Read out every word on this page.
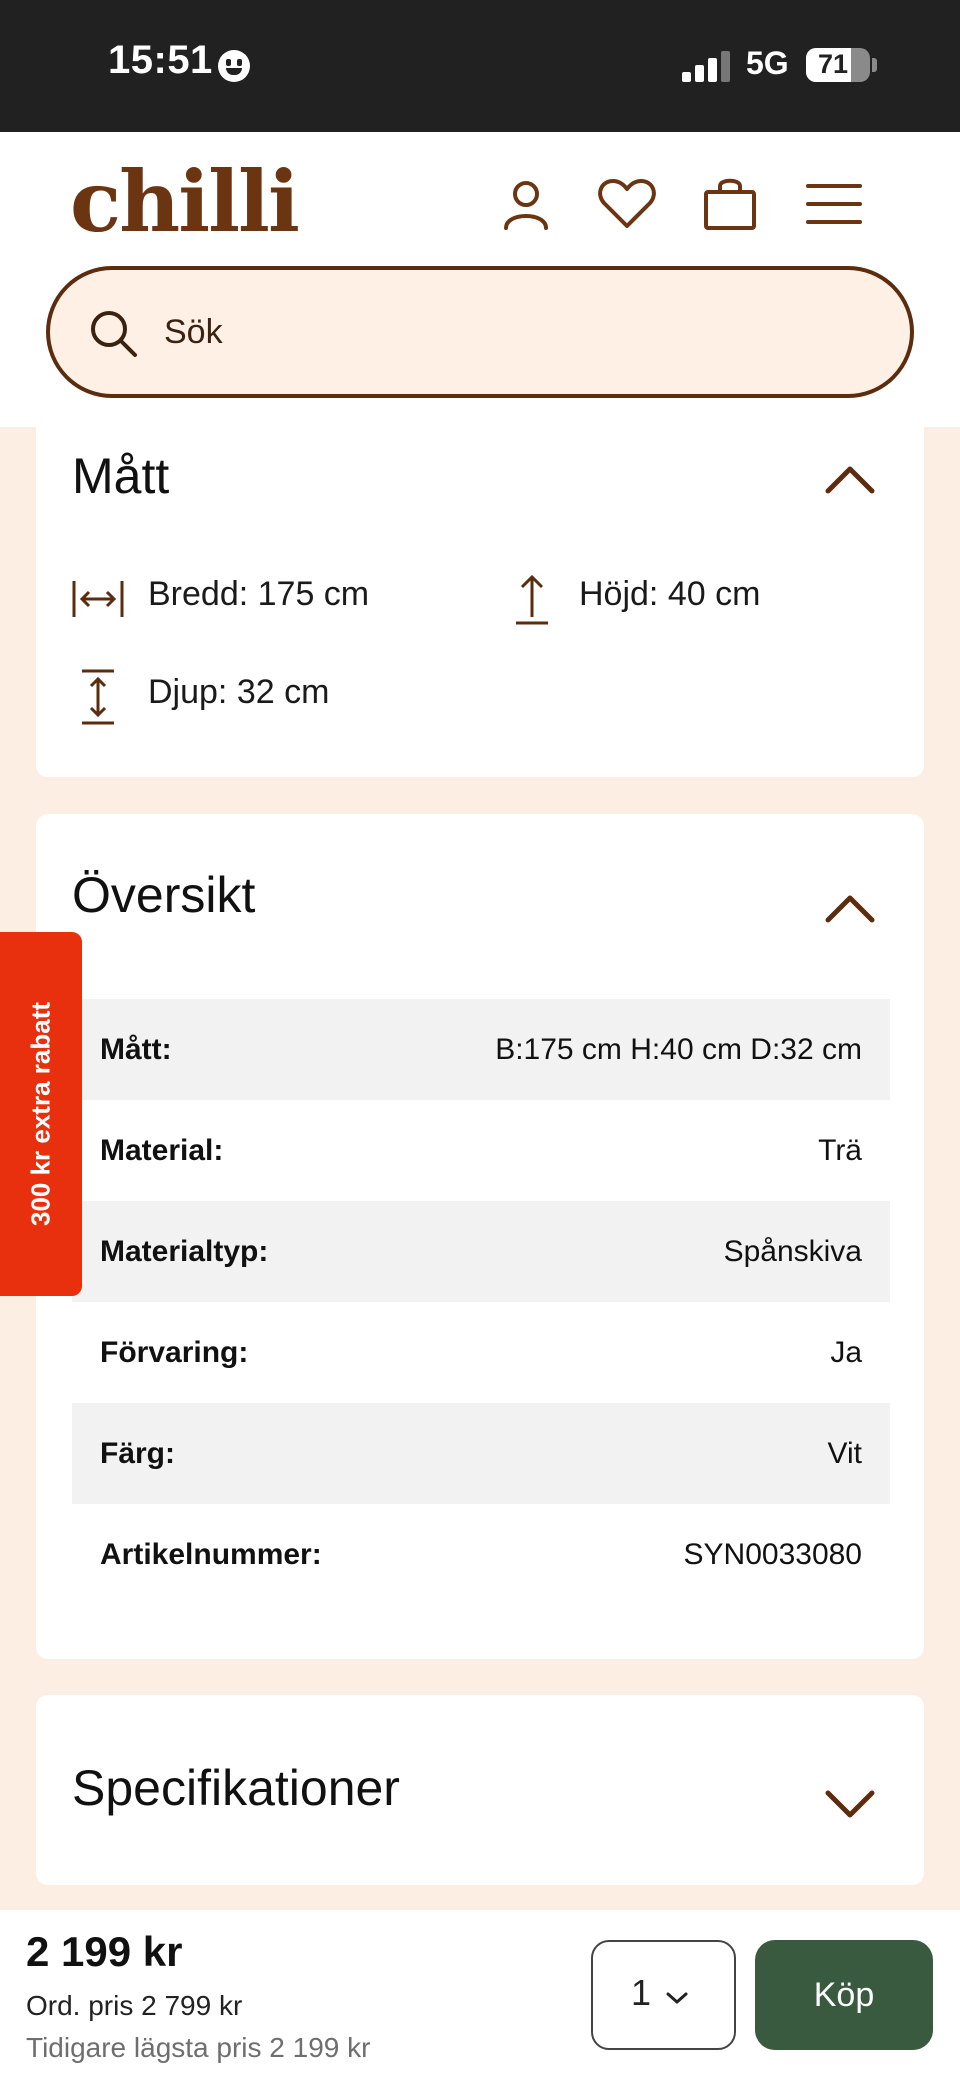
15:51	5G	71
chilli
Sök
Mått
Bredd: 175 cm	Höjd: 40 cm
Djup: 32 cm
Översikt
Mått:	B:175 cm H:40 cm D:32 cm
Material:	Trä
Materialtyp:	Spånskiva
Förvaring:	Ja
Färg:	Vit
Artikelnummer:	SYN0033080
Specifikationer
300 kr extra rabatt
2 199 kr
Ord. pris 2 799 kr
Tidigare lägsta pris 2 199 kr
1	Köp
